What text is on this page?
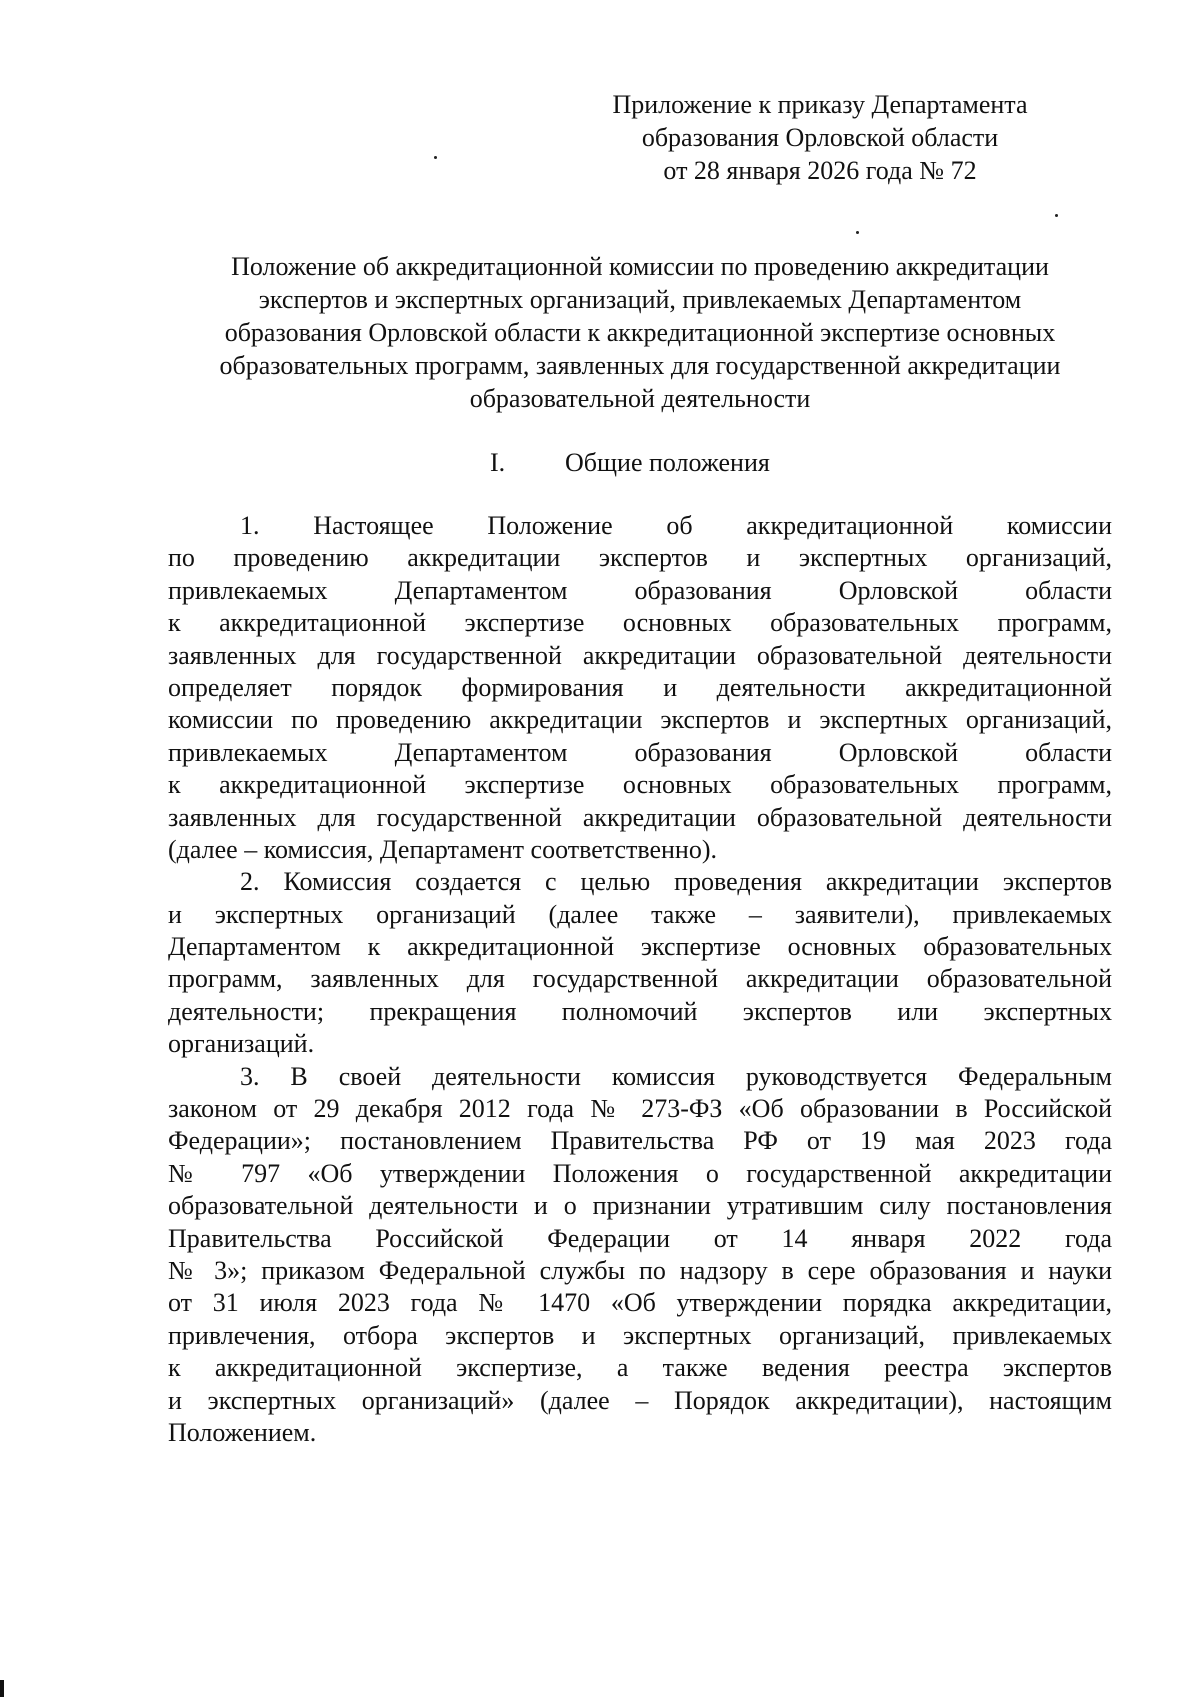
Приложение к приказу Департамента
образования Орловской области
от 28 января 2026 года № 72
Положение об аккредитационной комиссии по проведению аккредитации
экспертов и экспертных организаций, привлекаемых Департаментом
образования Орловской области к аккредитационной экспертизе основных
образовательных программ, заявленных для государственной аккредитации
образовательной деятельности
I. Общие положения
1. Настоящее Положение об аккредитационной комиссии
по проведению аккредитации экспертов и экспертных организаций,
привлекаемых Департаментом образования Орловской области
к аккредитационной экспертизе основных образовательных программ,
заявленных для государственной аккредитации образовательной деятельности
определяет порядок формирования и деятельности аккредитационной
комиссии по проведению аккредитации экспертов и экспертных организаций,
привлекаемых Департаментом образования Орловской области
к аккредитационной экспертизе основных образовательных программ,
заявленных для государственной аккредитации образовательной деятельности
(далее – комиссия, Департамент соответственно).
2. Комиссия создается с целью проведения аккредитации экспертов
и экспертных организаций (далее также – заявители), привлекаемых
Департаментом к аккредитационной экспертизе основных образовательных
программ, заявленных для государственной аккредитации образовательной
деятельности; прекращения полномочий экспертов или экспертных
организаций.
3. В своей деятельности комиссия руководствуется Федеральным
законом от 29 декабря 2012 года № 273-ФЗ «Об образовании в Российской
Федерации»; постановлением Правительства РФ от 19 мая 2023 года
№ 797 «Об утверждении Положения о государственной аккредитации
образовательной деятельности и о признании утратившим силу постановления
Правительства Российской Федерации от 14 января 2022 года
№ 3»; приказом Федеральной службы по надзору в сере образования и науки
от 31 июля 2023 года № 1470 «Об утверждении порядка аккредитации,
привлечения, отбора экспертов и экспертных организаций, привлекаемых
к аккредитационной экспертизе, а также ведения реестра экспертов
и экспертных организаций» (далее – Порядок аккредитации), настоящим
Положением.
